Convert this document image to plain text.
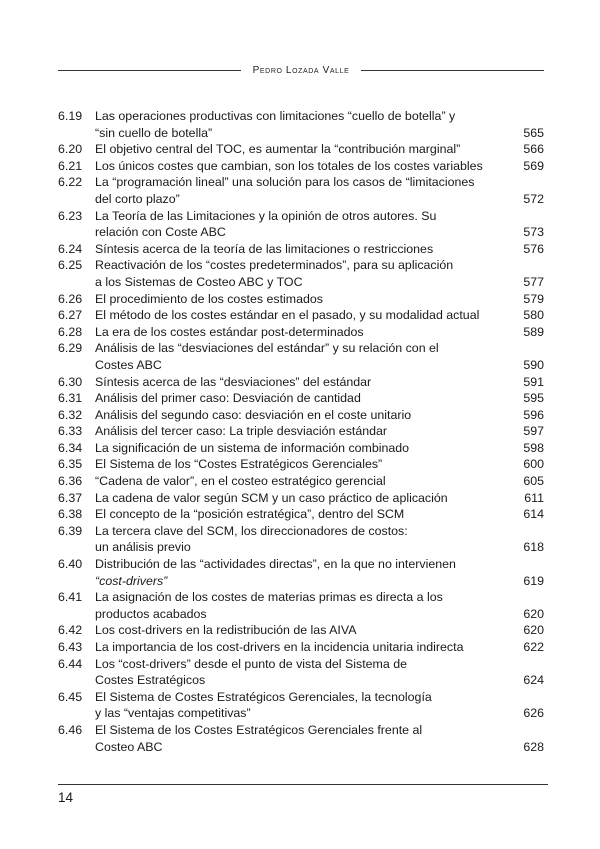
Pedro Lozada Valle
6.19	Las operaciones productivas con limitaciones “cuello de botella” y
“sin cuello de botella”	565
6.20	El objetivo central del TOC, es aumentar la “contribución marginal”	566
6.21	Los únicos costes que cambian, son los totales de los costes variables	569
6.22	La “programación lineal” una solución para los casos de “limitaciones
del corto plazo”	572
6.23	La Teoría de las Limitaciones y la opinión de otros autores. Su
relación con Coste ABC	573
6.24	Síntesis acerca de la teoría de las limitaciones o restricciones	576
6.25	Reactivación de los “costes predeterminados”, para su aplicación
a los Sistemas de Costeo ABC y TOC	577
6.26	El procedimiento de los costes estimados	579
6.27	El método de los costes estándar en el pasado, y su modalidad actual	580
6.28	La era de los costes estándar post-determinados	589
6.29	Análisis de las “desviaciones del estándar” y su relación con el
Costes ABC	590
6.30	Síntesis acerca de las “desviaciones” del estándar	591
6.31	Análisis del primer caso: Desviación de cantidad	595
6.32	Análisis del segundo caso: desviación en el coste unitario	596
6.33	Análisis del tercer caso: La triple desviación estándar	597
6.34	La significación de un sistema de información combinado	598
6.35	El Sistema de los “Costes Estratégicos Gerenciales”	600
6.36	“Cadena de valor”, en el costeo estratégico gerencial	605
6.37	La cadena de valor según SCM y un caso práctico de aplicación	611
6.38	El concepto de la “posición estratégica”, dentro del SCM	614
6.39	La tercera clave del SCM, los direccionadores de costos:
un análisis previo	618
6.40	Distribución de las “actividades directas”, en la que no intervienen
“cost-drivers”	619
6.41	La asignación de los costes de materias primas es directa a los
productos acabados	620
6.42	Los cost-drivers en la redistribución de las AIVA	620
6.43	La importancia de los cost-drivers en la incidencia unitaria indirecta	622
6.44	Los “cost-drivers” desde el punto de vista del Sistema de
Costes Estratégicos	624
6.45	El Sistema de Costes Estratégicos Gerenciales, la tecnología
y las “ventajas competitivas”	626
6.46	El Sistema de los Costes Estratégicos Gerenciales frente al
Costeo ABC	628
14
